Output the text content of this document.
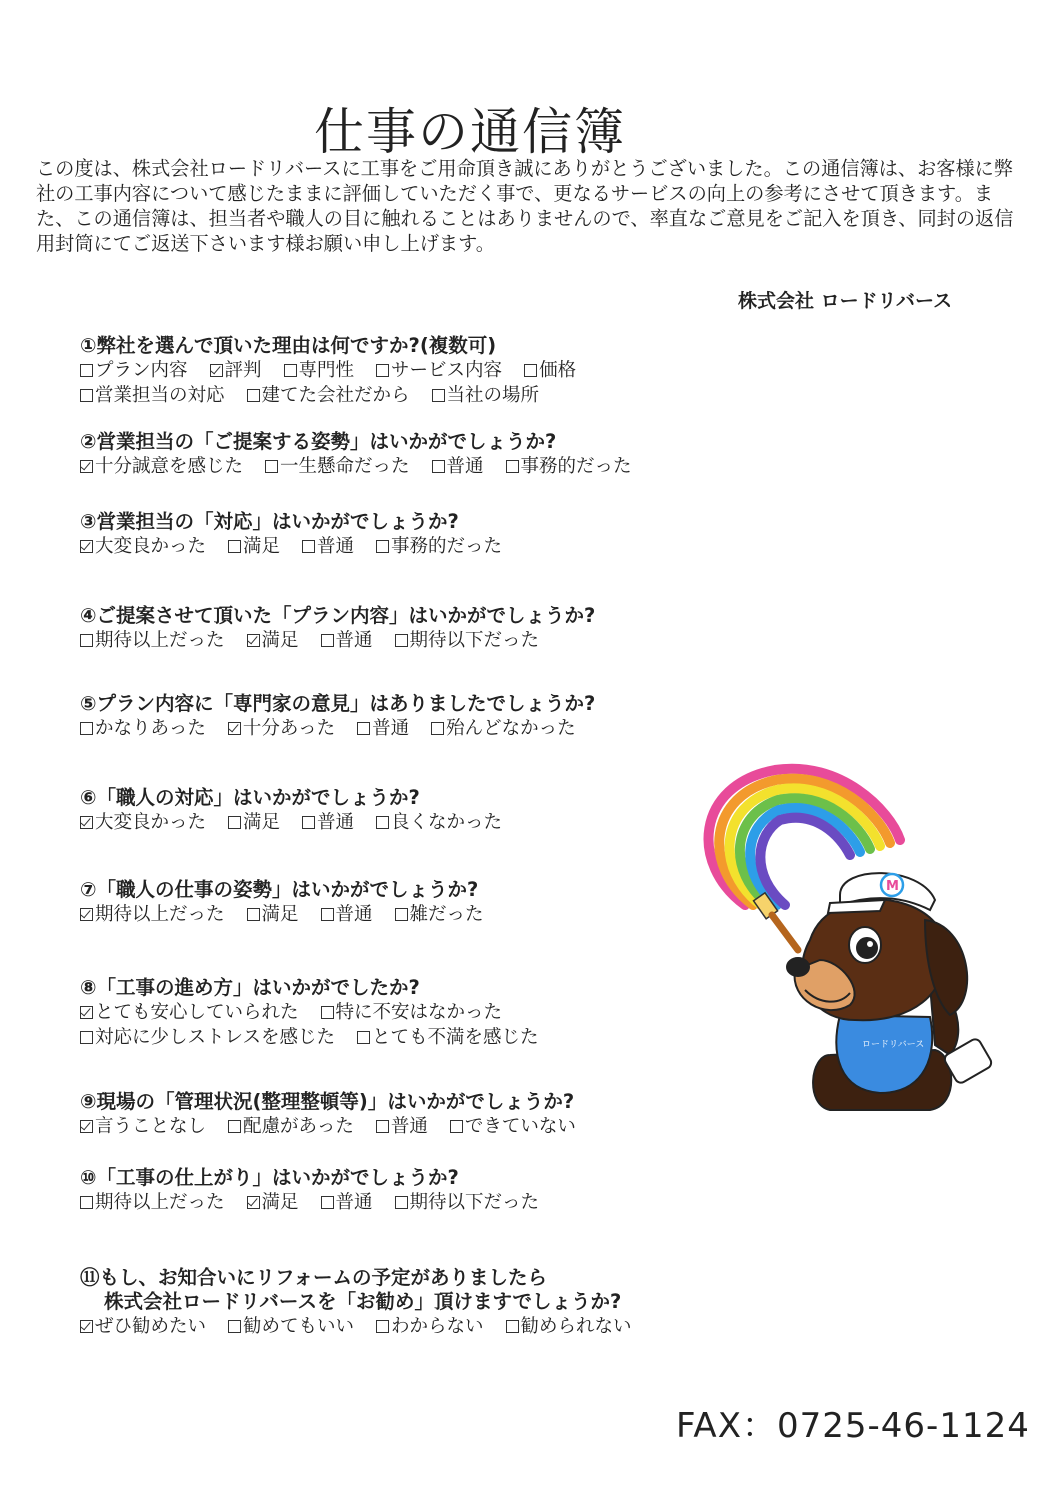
仕事の通信簿

この度は、株式会社ロードリバースに工事をご用命頂き誠にありがとうございました。この通信簿は、お客様に弊社の工事内容について感じたままに評価していただく事で、更なるサービスの向上の参考にさせて頂きます。また、この通信簿は、担当者や職人の目に触れることはありませんので、率直なご意見をご記入を頂き、同封の返信用封筒にてご返送下さいます様お願い申し上げます。

株式会社 ロードリバース
①弊社を選んで頂いた理由は何ですか?(複数可)
プラン内容 評判 専門性 サービス内容 価格
営業担当の対応 建てた会社だから 当社の場所
②営業担当の「ご提案する姿勢」はいかがでしょうか?
十分誠意を感じた 一生懸命だった 普通 事務的だった
③営業担当の「対応」はいかがでしょうか?
大変良かった 満足 普通 事務的だった
④ご提案させて頂いた「プラン内容」はいかがでしょうか?
期待以上だった 満足 普通 期待以下だった
⑤プラン内容に「専門家の意見」はありましたでしょうか?
かなりあった 十分あった 普通 殆んどなかった
⑥「職人の対応」はいかがでしょうか?
大変良かった 満足 普通 良くなかった
⑦「職人の仕事の姿勢」はいかがでしょうか?
期待以上だった 満足 普通 雑だった
⑧「工事の進め方」はいかがでしたか?
とても安心していられた 特に不安はなかった
対応に少しストレスを感じた とても不満を感じた
⑨現場の「管理状況(整理整頓等)」はいかがでしょうか?
言うことなし 配慮があった 普通 できていない
⑩「工事の仕上がり」はいかがでしょうか?
期待以上だった 満足 普通 期待以下だった
⑪もし、お知合いにリフォームの予定がありましたら
株式会社ロードリバースを「お勧め」頂けますでしょうか?
ぜひ勧めたい 勧めてもいい わからない 勧められない
ロードリバース
M
FAX：0725-46-1124
